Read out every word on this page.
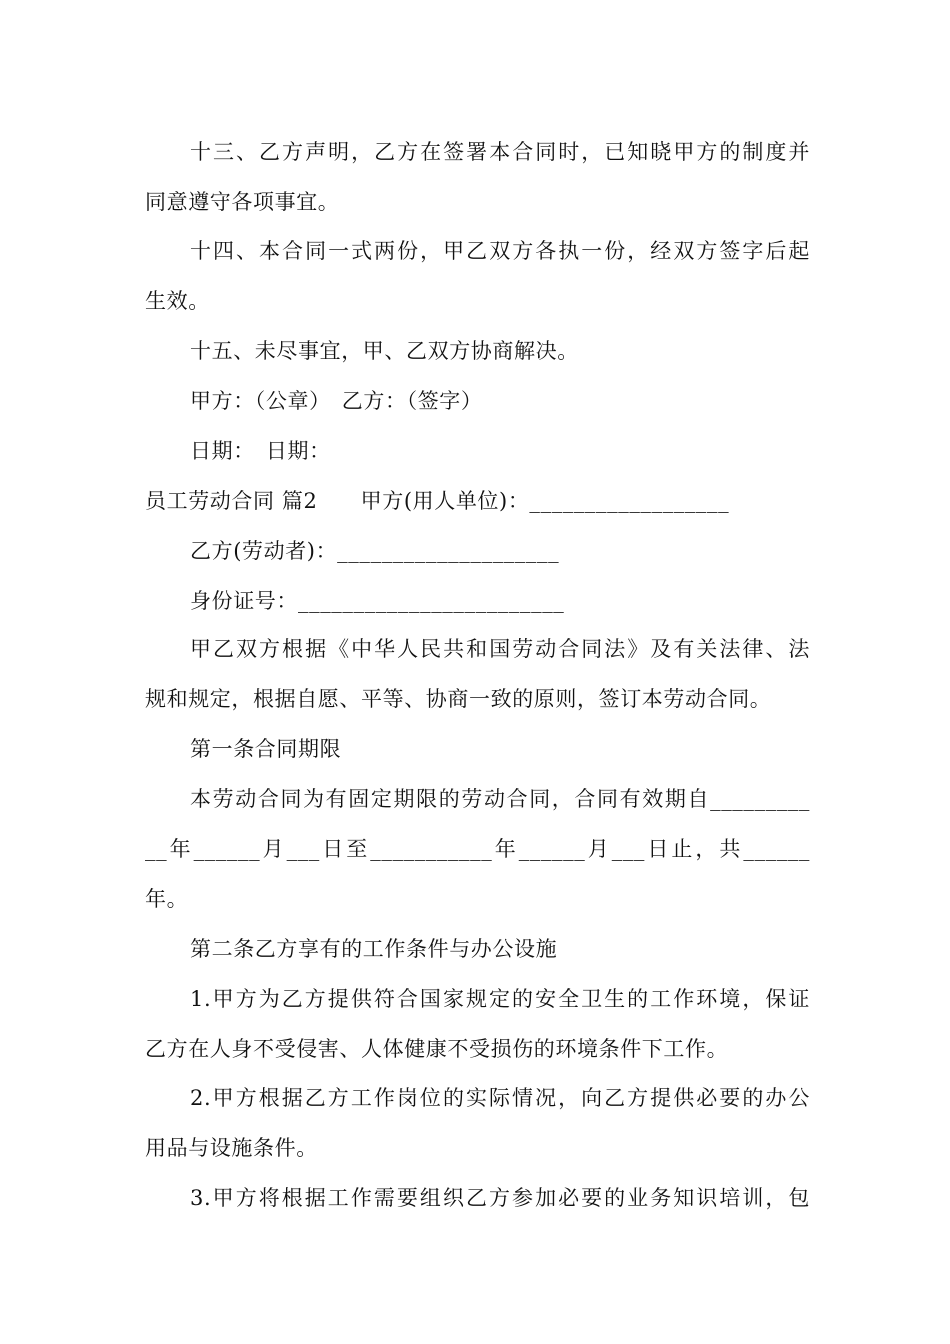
十三、乙方声明，乙方在签署本合同时，已知晓甲方的制度并
同意遵守各项事宜。
十四、本合同一式两份，甲乙双方各执一份，经双方签字后起
生效。
十五、未尽事宜，甲、乙双方协商解决。
甲方：（公章）　乙方：（签字）
日期：　日期：
员工劳动合同 篇2　　甲方(用人单位)：__________________
乙方(劳动者)：____________________
身份证号：________________________
甲乙双方根据《中华人民共和国劳动合同法》及有关法律、法
规和规定，根据自愿、平等、协商一致的原则，签订本劳动合同。
第一条合同期限
本劳动合同为有固定期限的劳动合同，合同有效期自_________
__年______月___日至___________年______月___日止，共______
年。
第二条乙方享有的工作条件与办公设施
1.甲方为乙方提供符合国家规定的安全卫生的工作环境，保证
乙方在人身不受侵害、人体健康不受损伤的环境条件下工作。
2.甲方根据乙方工作岗位的实际情况，向乙方提供必要的办公
用品与设施条件。
3.甲方将根据工作需要组织乙方参加必要的业务知识培训，包
